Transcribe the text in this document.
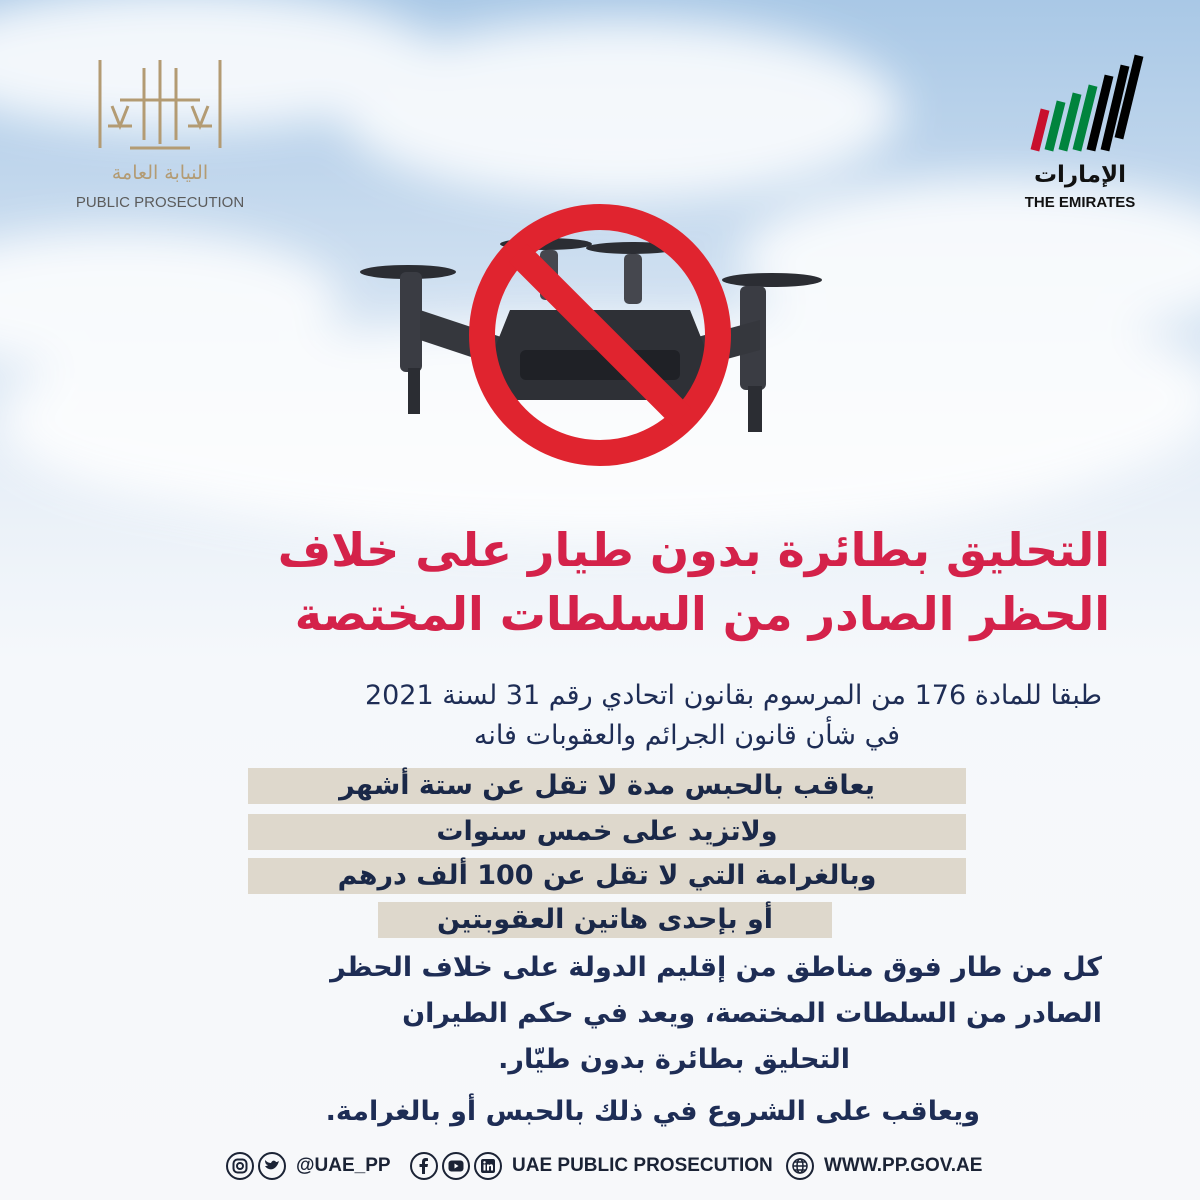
النيابة العامة
PUBLIC PROSECUTION
الإمارات
THE EMIRATES
التحليق بطائرة بدون طيار على خلاف
الحظر الصادر من السلطات المختصة
طبقا للمادة 176 من المرسوم بقانون اتحادي رقم 31 لسنة 2021
في شأن قانون الجرائم والعقوبات فانه
يعاقب بالحبس مدة لا تقل عن ستة أشهر
ولاتزيد على خمس سنوات
وبالغرامة التي لا تقل عن 100 ألف درهم
أو بإحدى هاتين العقوبتين
كل من طار فوق مناطق من إقليم الدولة على خلاف الحظر
الصادر من السلطات المختصة، ويعد في حكم الطيران
التحليق بطائرة بدون طيّار.
ويعاقب على الشروع في ذلك بالحبس أو بالغرامة.
@UAE_PP	UAE PUBLIC PROSECUTION	WWW.PP.GOV.AE
